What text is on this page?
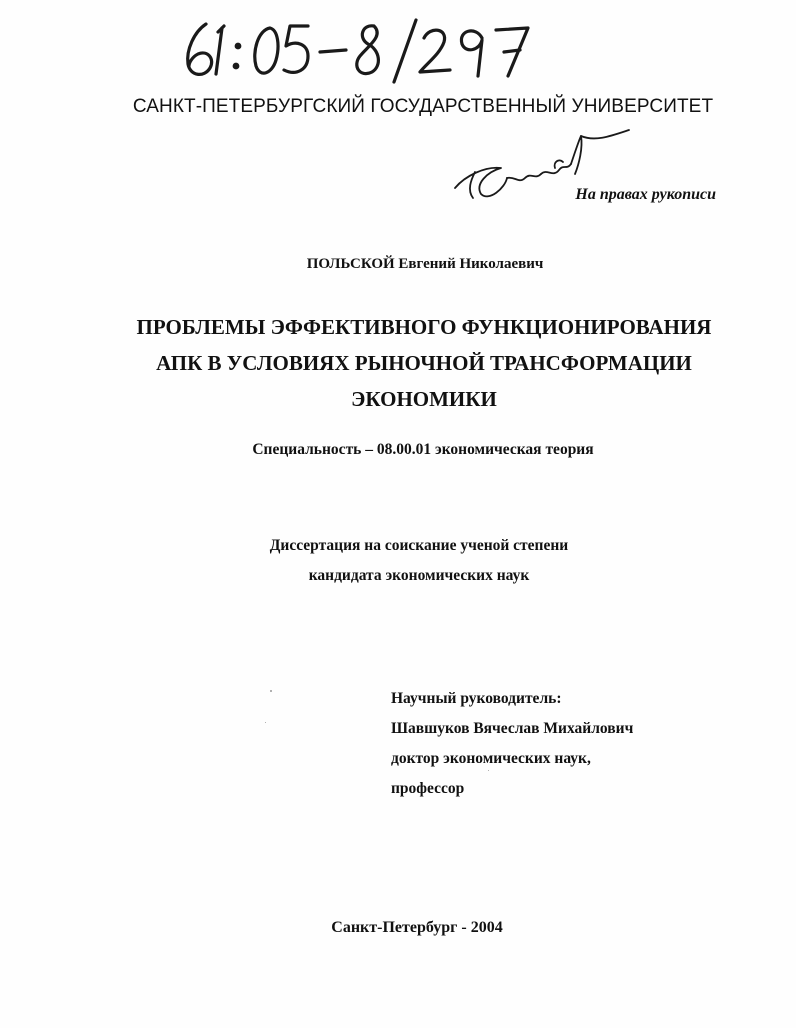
САНКТ-ПЕТЕРБУРГСКИЙ ГОСУДАРСТВЕННЫЙ УНИВЕРСИТЕТ
На правах рукописи
ПОЛЬСКОЙ Евгений Николаевич
ПРОБЛЕМЫ ЭФФЕКТИВНОГО ФУНКЦИОНИРОВАНИЯ
АПК В УСЛОВИЯХ РЫНОЧНОЙ ТРАНСФОРМАЦИИ
ЭКОНОМИКИ
Специальность – 08.00.01 экономическая теория
Диссертация на соискание ученой степени
кандидата экономических наук
Научный руководитель:
Шавшуков Вячеслав Михайлович
доктор экономических наук,
профессор
Санкт-Петербург - 2004
